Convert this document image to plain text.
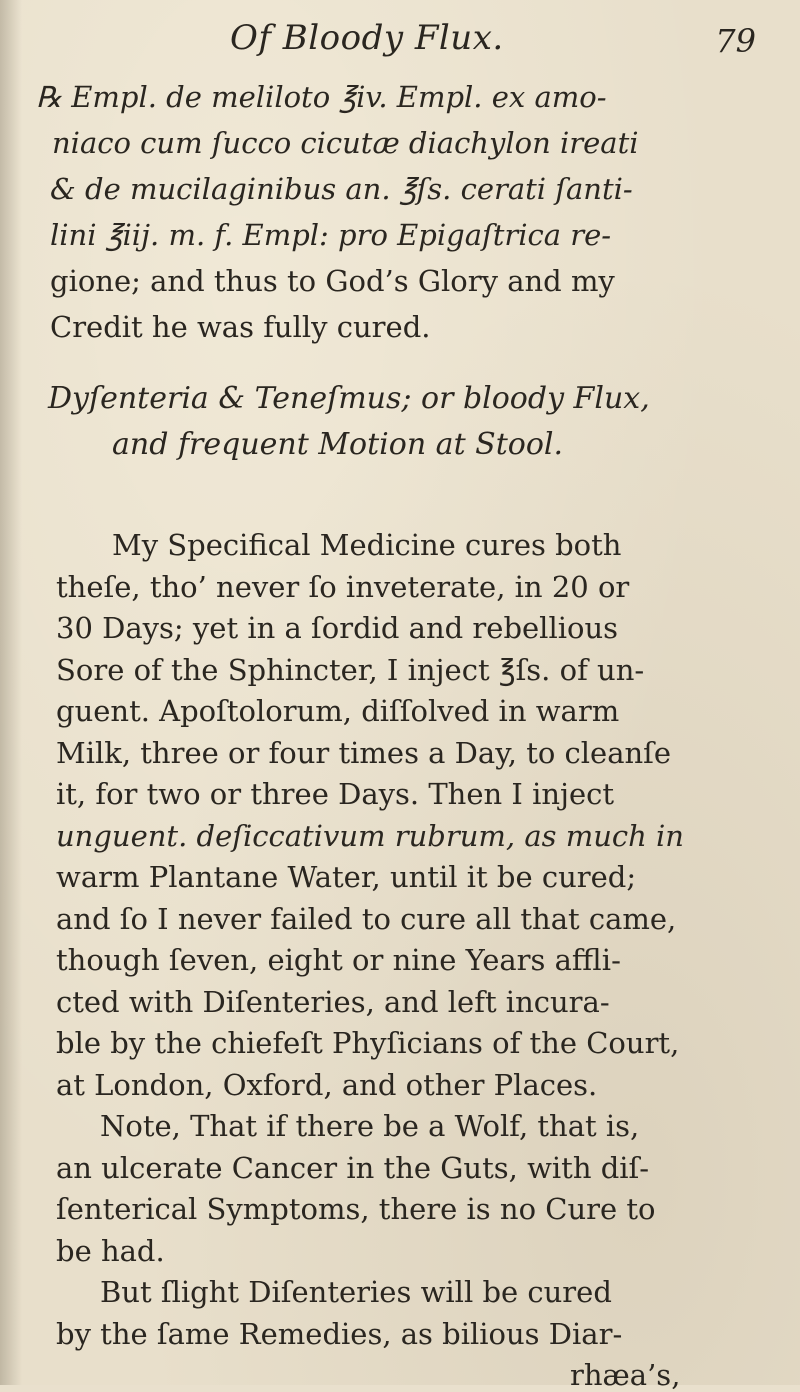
Of Bloody Flux.	79
℞ Empl. de meliloto ℥iv. Empl. ex amo-
niaco cum ſucco cicutæ diachylon ireati
& de mucilaginibus an. ℥ſs. cerati ſanti-
lini ℥iij. m. f. Empl: pro Epigaſtrica re-
gione; and thus to God’s Glory and my
Credit he was fully cured.
Dyſenteria & Teneſmus; or bloody Flux,
and frequent Motion at Stool.
My Specifical Medicine cures both
theſe, tho’ never ſo inveterate, in 20 or
30 Days; yet in a ſordid and rebellious
Sore of the Sphincter, I inject ℥ſs. of un-
guent. Apoſtolorum, diſſolved in warm
Milk, three or four times a Day, to cleanſe
it, for two or three Days. Then I inject
unguent. deſiccativum rubrum, as much in
warm Plantane Water, until it be cured;
and ſo I never failed to cure all that came,
though ſeven, eight or nine Years affli-
cted with Diſenteries, and left incura-
ble by the chiefeſt Phyſicians of the Court,
at London, Oxford, and other Places.
Note, That if there be a Wolf, that is,
an ulcerate Cancer in the Guts, with diſ-
ſenterical Symptoms, there is no Cure to
be had.
But ſlight Diſenteries will be cured
by the ſame Remedies, as bilious Diar-
rhæa’s,
